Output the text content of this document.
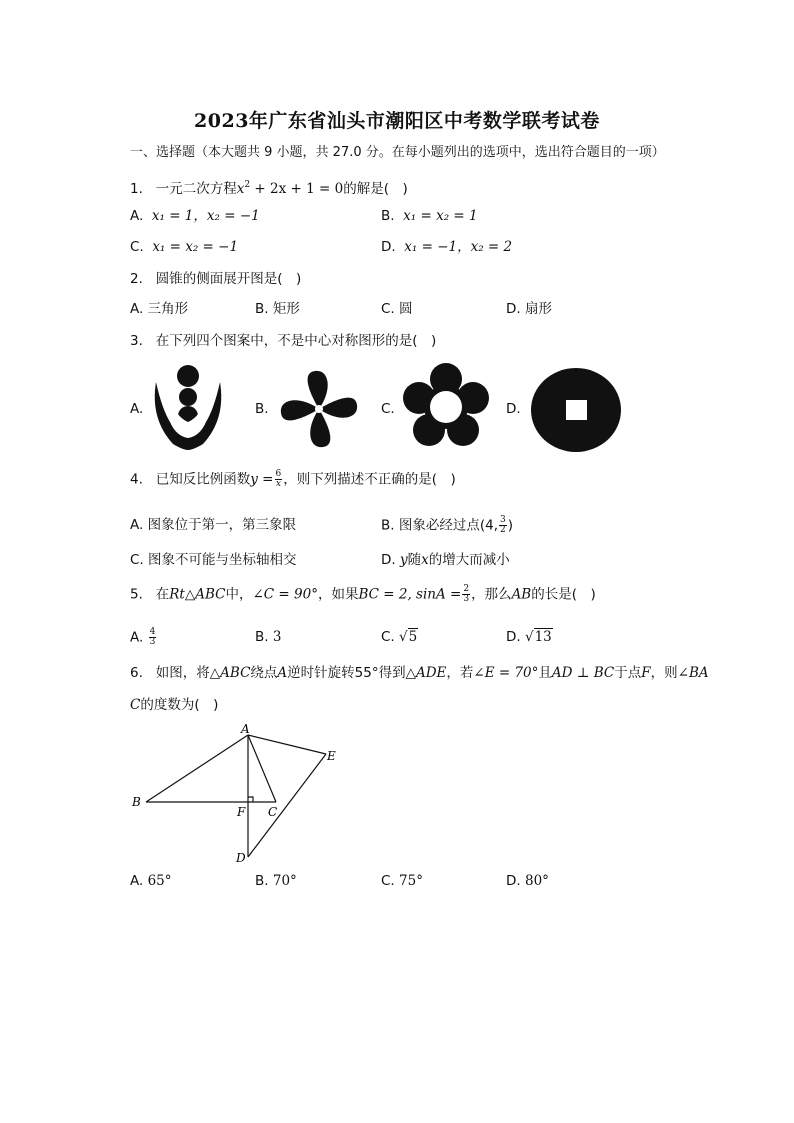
2023年广东省汕头市潮阳区中考数学联考试卷
一、选择题（本大题共 9 小题，共 27.0 分。在每小题列出的选项中，选出符合题目的一项）
1. 一元二次方程$x^2 + 2x + 1 = 0$的解是(　)
A. x₁ = 1，x₂ = −1	B. x₁ = x₂ = 1
C. x₁ = x₂ = −1	D. x₁ = −1，x₂ = 2
2. 圆锥的侧面展开图是(　)
A. 三角形	B. 矩形	C. 圆	D. 扇形
3. 在下列四个图案中，不是中心对称图形的是(　)
A.	B.	C.	D.
4. 已知反比例函数$y = \frac{6}{x}$ ，则下列描述不正确的是(　)
A. 图象位于第一，第三象限	B. 图象必经过点(4, $\frac{3}{2}$ )
C. 图象不可能与坐标轴相交	D. y随x的增大而减小
5. 在Rt△ABC中，∠C = 90°，如果BC = 2, $\sin A = \frac{2}{3}$ ，那么AB的长是(　)
A. $\frac{4}{3}$	B. 3	C. √5	D. √13
6. 如图，将△ABC绕点A逆时针旋转55°得到△ADE，若∠E = 70°且AD ⊥ BC于点F，则∠BA
C的度数为(　)
A
B
C
D
E
F
A. 65°	B. 70°	C. 75°	D. 80°
